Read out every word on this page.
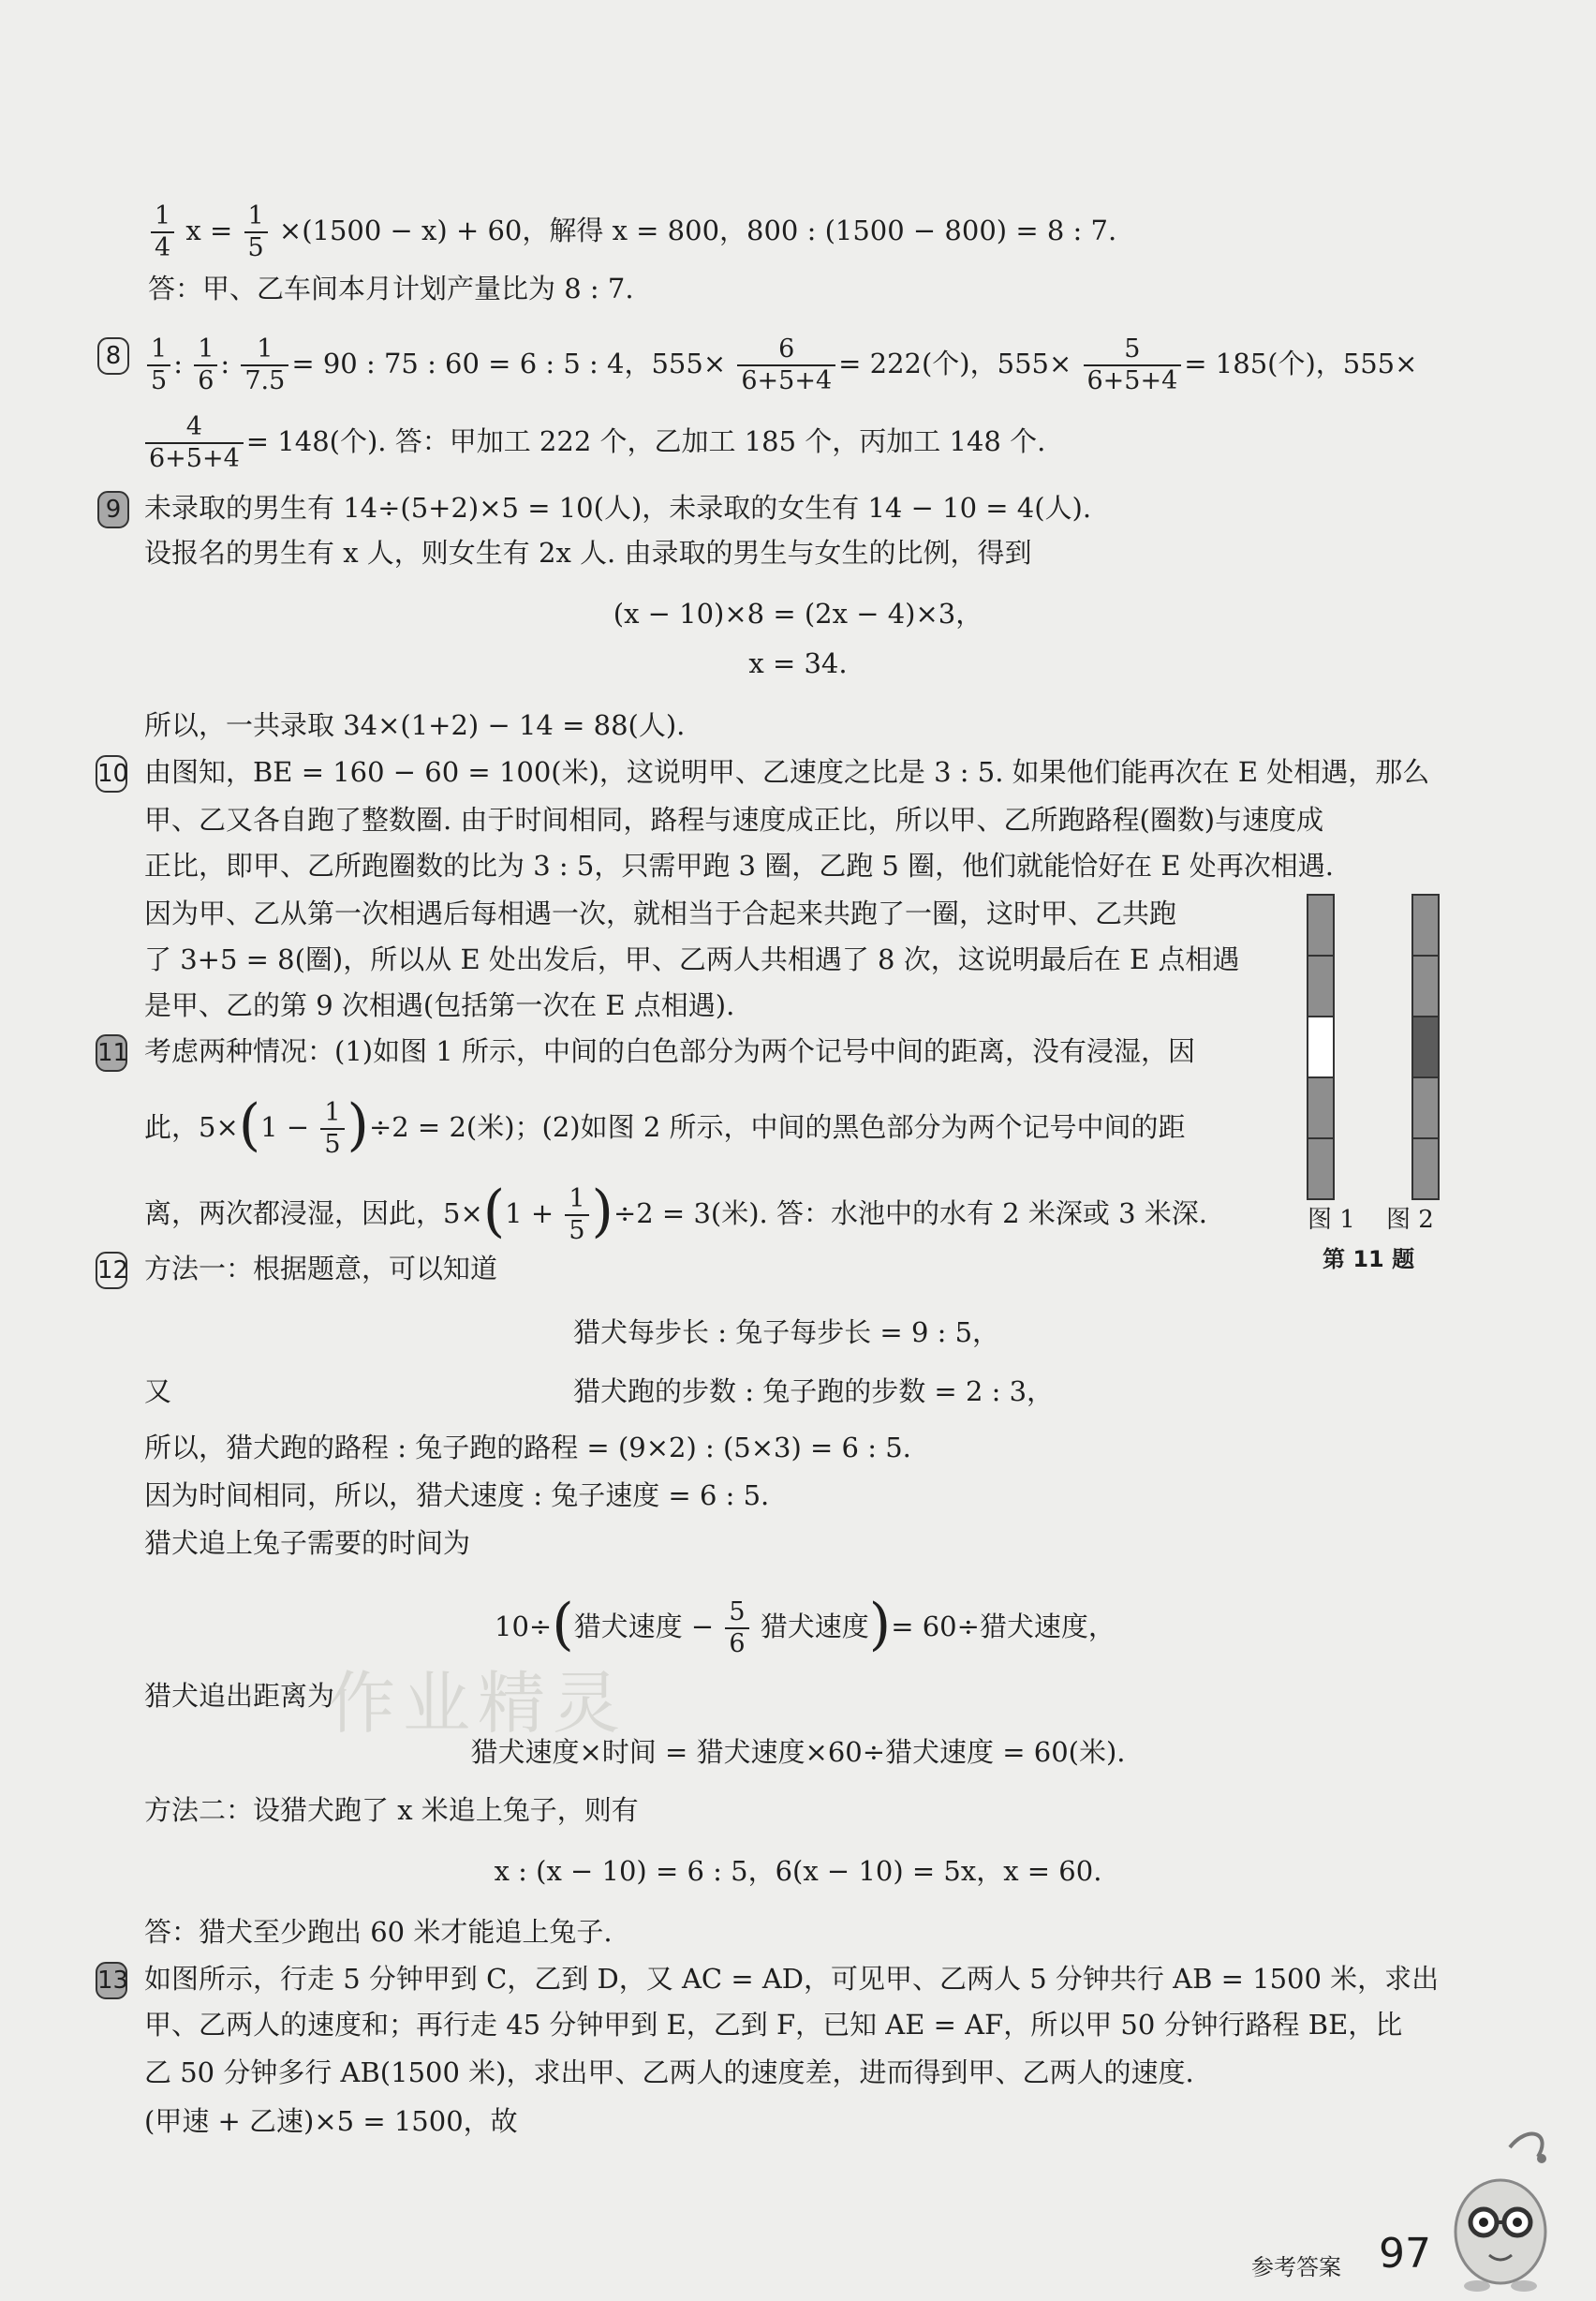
作业精灵
$\frac{1}{4}$ $x = \frac{1}{5} \times(1500 - x) + 60$，解得 x = 800，800 : (1500 − 800) = 8 : 7.
答：甲、乙车间本月计划产量比为 8 : 7.
8	$\frac{1}{5}$ : $\frac{1}{6}$ : $\frac{1}{7.5} = 90$ : 75 : 60 = 6 : 5 : 4，$555\times \frac{6}{6+5+4} = 222$(个)，$555\times \frac{5}{6+5+4} = 185$(个)，555×
$\frac{4}{6+5+4} = 148$(个). 答：甲加工 222 个，乙加工 185 个，丙加工 148 个.
9 未录取的男生有 14÷(5+2)×5 = 10(人)，未录取的女生有 14 − 10 = 4(人).
设报名的男生有 x 人，则女生有 2x 人. 由录取的男生与女生的比例，得到
(x − 10)×8 = (2x − 4)×3，
x = 34.
所以，一共录取 34×(1+2) − 14 = 88(人).
10 由图知，BE = 160 − 60 = 100(米)，这说明甲、乙速度之比是 3 : 5. 如果他们能再次在 E 处相遇，那么
甲、乙又各自跑了整数圈. 由于时间相同，路程与速度成正比，所以甲、乙所跑路程(圈数)与速度成
正比，即甲、乙所跑圈数的比为 3 : 5，只需甲跑 3 圈，乙跑 5 圈，他们就能恰好在 E 处再次相遇.
因为甲、乙从第一次相遇后每相遇一次，就相当于合起来共跑了一圈，这时甲、乙共跑
了 3+5 = 8(圈)，所以从 E 处出发后，甲、乙两人共相遇了 8 次，这说明最后在 E 点相遇
是甲、乙的第 9 次相遇(包括第一次在 E 点相遇).
11 考虑两种情况：(1)如图 1 所示，中间的白色部分为两个记号中间的距离，没有浸湿，因
此，$5\times(1 - \frac{1}{5} )\div 2 = 2$(米)；(2)如图 2 所示，中间的黑色部分为两个记号中间的距
离，两次都浸湿，因此，$5\times(1 + \frac{1}{5} )\div 2 = 3$(米). 答：水池中的水有 2 米深或 3 米深.	图 1 图 2
第 11 题
12 方法一：根据题意，可以知道
猎犬每步长 : 兔子每步长 = 9 : 5，
又	猎犬跑的步数 : 兔子跑的步数 = 2 : 3，
所以，猎犬跑的路程 : 兔子跑的路程 = (9×2) : (5×3) = 6 : 5.
因为时间相同，所以，猎犬速度 : 兔子速度 = 6 : 5.
猎犬追上兔子需要的时间为
10÷(猎犬速度 − $\frac{5}{6}$ 猎犬速度)= 60÷猎犬速度，
猎犬追出距离为
猎犬速度×时间 = 猎犬速度×60÷猎犬速度 = 60(米).
方法二：设猎犬跑了 x 米追上兔子，则有
x : (x − 10) = 6 : 5，6(x − 10) = 5x，x = 60.
答：猎犬至少跑出 60 米才能追上兔子.
13 如图所示，行走 5 分钟甲到 C，乙到 D，又 AC = AD，可见甲、乙两人 5 分钟共行 AB = 1500 米，求出
甲、乙两人的速度和；再行走 45 分钟甲到 E，乙到 F，已知 AE = AF，所以甲 50 分钟行路程 BE，比
乙 50 分钟多行 AB(1500 米)，求出甲、乙两人的速度差，进而得到甲、乙两人的速度.
(甲速 + 乙速)×5 = 1500，故
参考答案 97
